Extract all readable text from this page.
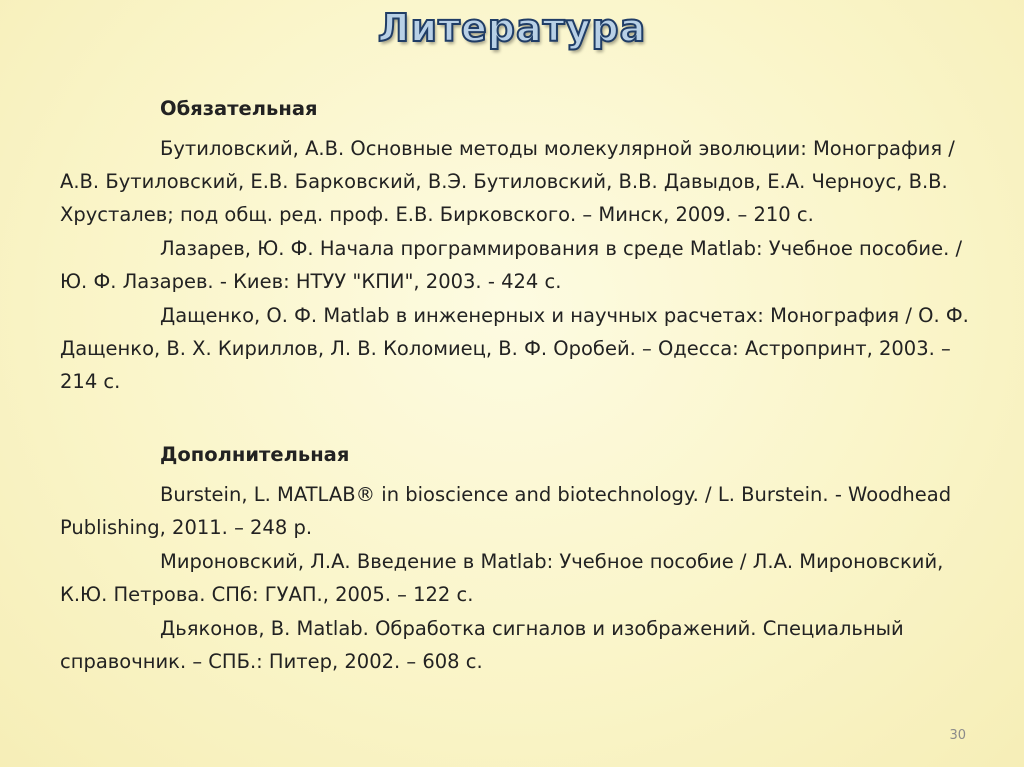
Литература
Обязательная

Бутиловский, А.В. Основные методы молекулярной эволюции: Монография / А.В. Бутиловский, Е.В. Барковский, В.Э. Бутиловский, В.В. Давыдов, Е.А. Черноус, В.В. Хрусталев; под общ. ред. проф. Е.В. Бирковского. – Минск, 2009. – 210 с.

Лазарев, Ю. Ф. Начала программирования в среде Matlab: Учебное пособие. / Ю. Ф. Лазарев. - Киев: НТУУ "КПИ", 2003. - 424 с.

Дащенко, О. Ф. Matlab в инженерных и научных расчетах: Монография / О. Ф. Дащенко, В. Х. Кириллов, Л. В. Коломиец, В. Ф. Оробей. – Одесса: Астропринт, 2003. – 214 с.

Дополнительная

Burstein, L. MATLAB® in bioscience and biotechnology. / L. Burstein. - Woodhead Publishing, 2011. – 248 p.

Мироновский, Л.А. Введение в Matlab: Учебное пособие / Л.А. Мироновский, К.Ю. Петрова. СПб: ГУАП., 2005. – 122 с.

Дьяконов, В. Matlab. Обработка сигналов и изображений. Специальный справочник. – СПБ.: Питер, 2002. – 608 с.

30
